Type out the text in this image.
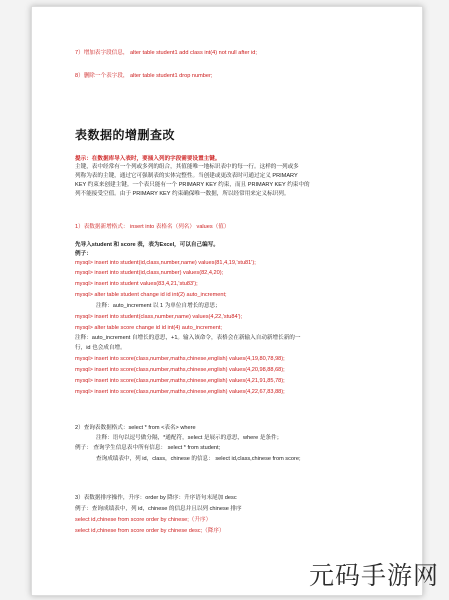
7）增加表字段信息， alter table student1 add class int(4) not null after id;
8）删除一个表字段， alter table student1 drop number;
表数据的增删查改
提示：在数据库导入表时，要插入列的字段需要设置主键。
主键，表中经常有一个列或多列的组合，其值能唯一地标识表中的每一行。这样的一列或多
列称为表的主键，通过它可强制表的实体完整性。当创建或更改表时可通过定义 PRIMARY
KEY 约束来创建主键。一个表只能有一个 PRIMARY KEY 约束，而且 PRIMARY KEY 约束中的
列不能接受空值。由于 PRIMARY KEY 约束确保唯一数据，所以经常用来定义标识列。
1）表数据新增格式： insert into 表格名（列名） values（值）
先导入student 和 score 表，表为Excel，可以自己编写。
例子：
mysql> insert into student(id,class,number,name) values(81,4,19,'stu81');
mysql> insert into student(id,class,number) values(82,4,20);
mysql> insert into student values(83,4,21,'stu83');
mysql> alter table student change id id int(2) auto_increment;
注释：auto_increment 以 1 为单位自增长的意思；
mysql> insert into student(class,number,name) values(4,22,'stu84');
mysql> alter table score change id id int(4) auto_increment;
注释：auto_increment 自增长的意思，+1。输入该命令，表格会在新输入自动新增长新的一
行，id 也会成自增。
mysql> insert into score(class,number,maths,chinese,english) values(4,19,80,78,98);
mysql> insert into score(class,number,maths,chinese,english) values(4,20,98,88,68);
mysql> insert into score(class,number,maths,chinese,english) values(4,21,91,85,78);
mysql> insert into score(class,number,maths,chinese,english) values(4,22,67,83,88);
2）查询表数据格式：select * from <表名> where
注释：语句以逗号做分隔，*通配符，select 是展示的意思，where 是条件；
例子： 查询学生信息表中所有信息： select * from student;
查询成绩表中，列 id，class，chinese 的信息： select id,class,chinese from score;
3）表数据排序操作，升序：order by 降序：升序语句末尾加 desc
例子：查询成绩表中，列 id，chinese 的信息并且以列 chinese 排序
select id,chinese from score order by chinese;（升序）
select id,chinese from score order by chinese desc;（降序）
元码手游网
